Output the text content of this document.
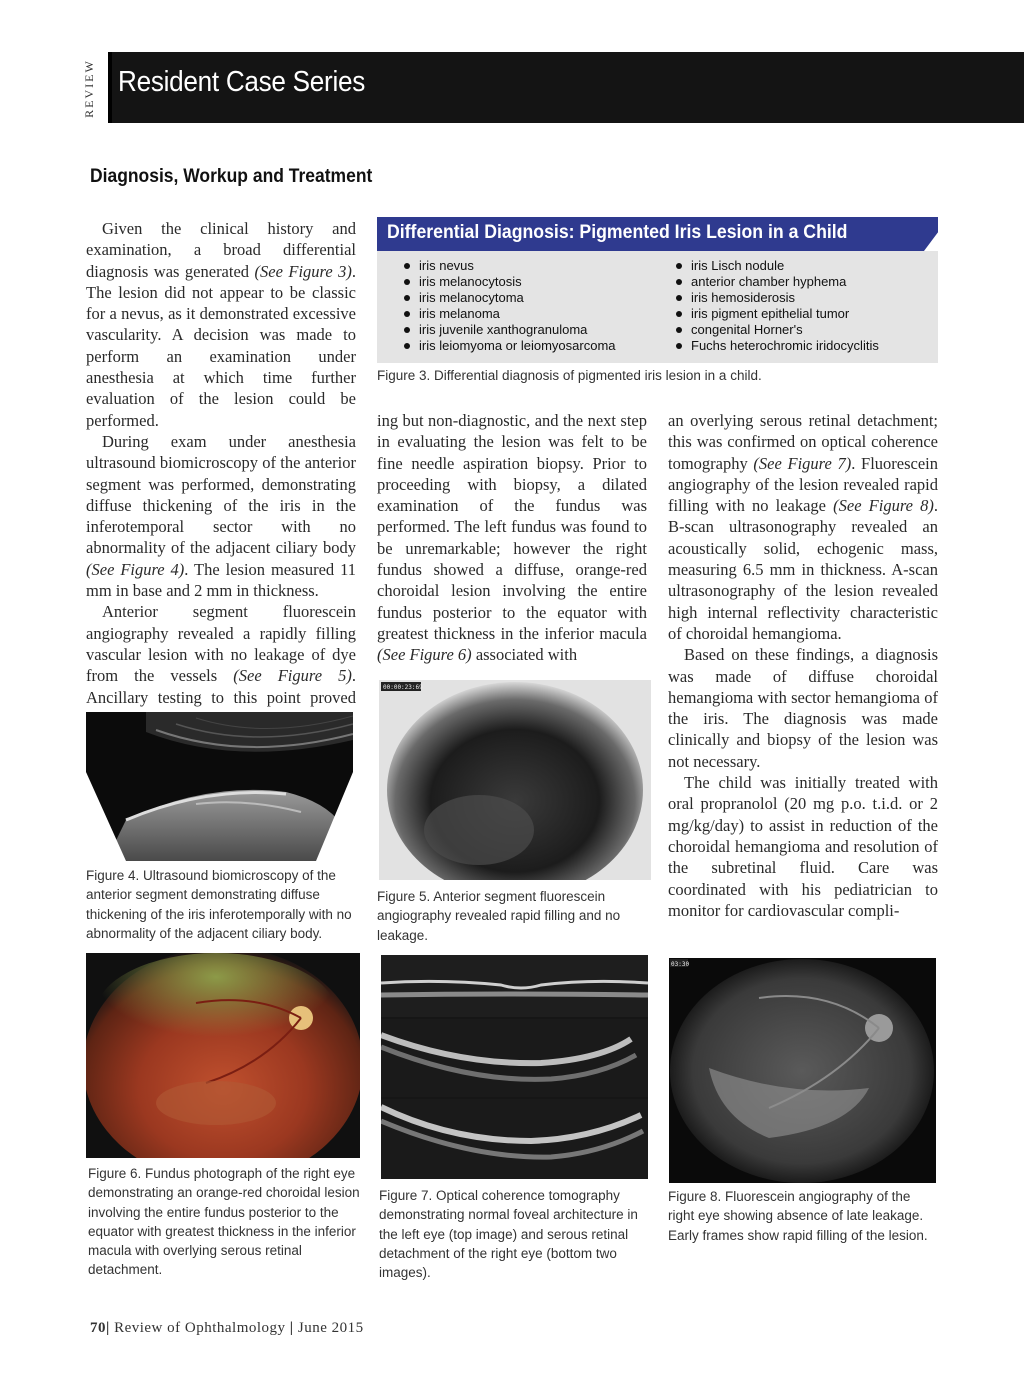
REVIEW Resident Case Series
Diagnosis, Workup and Treatment

Given the clinical history and examination, a broad differential diagnosis was generated (See Figure 3). The lesion did not appear to be classic for a nevus, as it demonstrated excessive vascularity. A decision was made to perform an examination under anesthesia at which time further evaluation of the lesion could be performed.

During exam under anesthesia ultrasound biomicroscopy of the anterior segment was performed, demonstrating diffuse thickening of the iris in the inferotemporal sector with no abnormality of the adjacent ciliary body (See Figure 4). The lesion measured 11 mm in base and 2 mm in thickness.

Anterior segment fluorescein angiography revealed a rapidly filling vascular lesion with no leakage of dye from the vessels (See Figure 5). Ancillary testing to this point proved

Differential Diagnosis: Pigmented Iris Lesion in a Child
iris nevus
iris melanocytosis
iris melanocytoma
iris melanoma
iris juvenile xanthogranuloma
iris leiomyoma or leiomyosarcoma
iris Lisch nodule
anterior chamber hyphema
iris hemosiderosis
iris pigment epithelial tumor
congenital Horner's
Fuchs heterochromic iridocyclitis
Figure 3. Differential diagnosis of pigmented iris lesion in a child.

ing but non-diagnostic, and the next step in evaluating the lesion was felt to be fine needle aspiration biopsy. Prior to proceeding with biopsy, a dilated examination of the fundus was performed. The left fundus was found to be unremarkable; however the right fundus showed a diffuse, orange-red choroidal lesion involving the entire fundus posterior to the equator with greatest thickness in the inferior macula (See Figure 6) associated with

an overlying serous retinal detachment; this was confirmed on optical coherence tomography (See Figure 7). Fluorescein angiography of the lesion revealed rapid filling with no leakage (See Figure 8). B-scan ultrasonography revealed an acoustically solid, echogenic mass, measuring 6.5 mm in thickness. A-scan ultrasonography of the lesion revealed high internal reflectivity characteristic of choroidal hemangioma.

Based on these findings, a diagnosis was made of diffuse choroidal hemangioma with sector hemangioma of the iris. The diagnosis was made clinically and biopsy of the lesion was not necessary.

The child was initially treated with oral propranolol (20 mg p.o. t.i.d. or 2 mg/kg/day) to assist in reduction of the choroidal hemangioma and resolution of the subretinal fluid. Care was coordinated with his pediatrician to monitor for cardiovascular compli-

Figure 4. Ultrasound biomicroscopy of the anterior segment demonstrating diffuse thickening of the iris inferotemporally with no abnormality of the adjacent ciliary body.
00:00:23:69
Figure 5. Anterior segment fluorescein angiography revealed rapid filling and no leakage.
Figure 6. Fundus photograph of the right eye demonstrating an orange-red choroidal lesion involving the entire fundus posterior to the equator with greatest thickness in the inferior macula with overlying serous retinal detachment.
Figure 7. Optical coherence tomography demonstrating normal foveal architecture in the left eye (top image) and serous retinal detachment of the right eye (bottom two images).
03:30
Figure 8. Fluorescein angiography of the right eye showing absence of late leakage. Early frames show rapid filling of the lesion.
70| Review of Ophthalmology | June 2015
